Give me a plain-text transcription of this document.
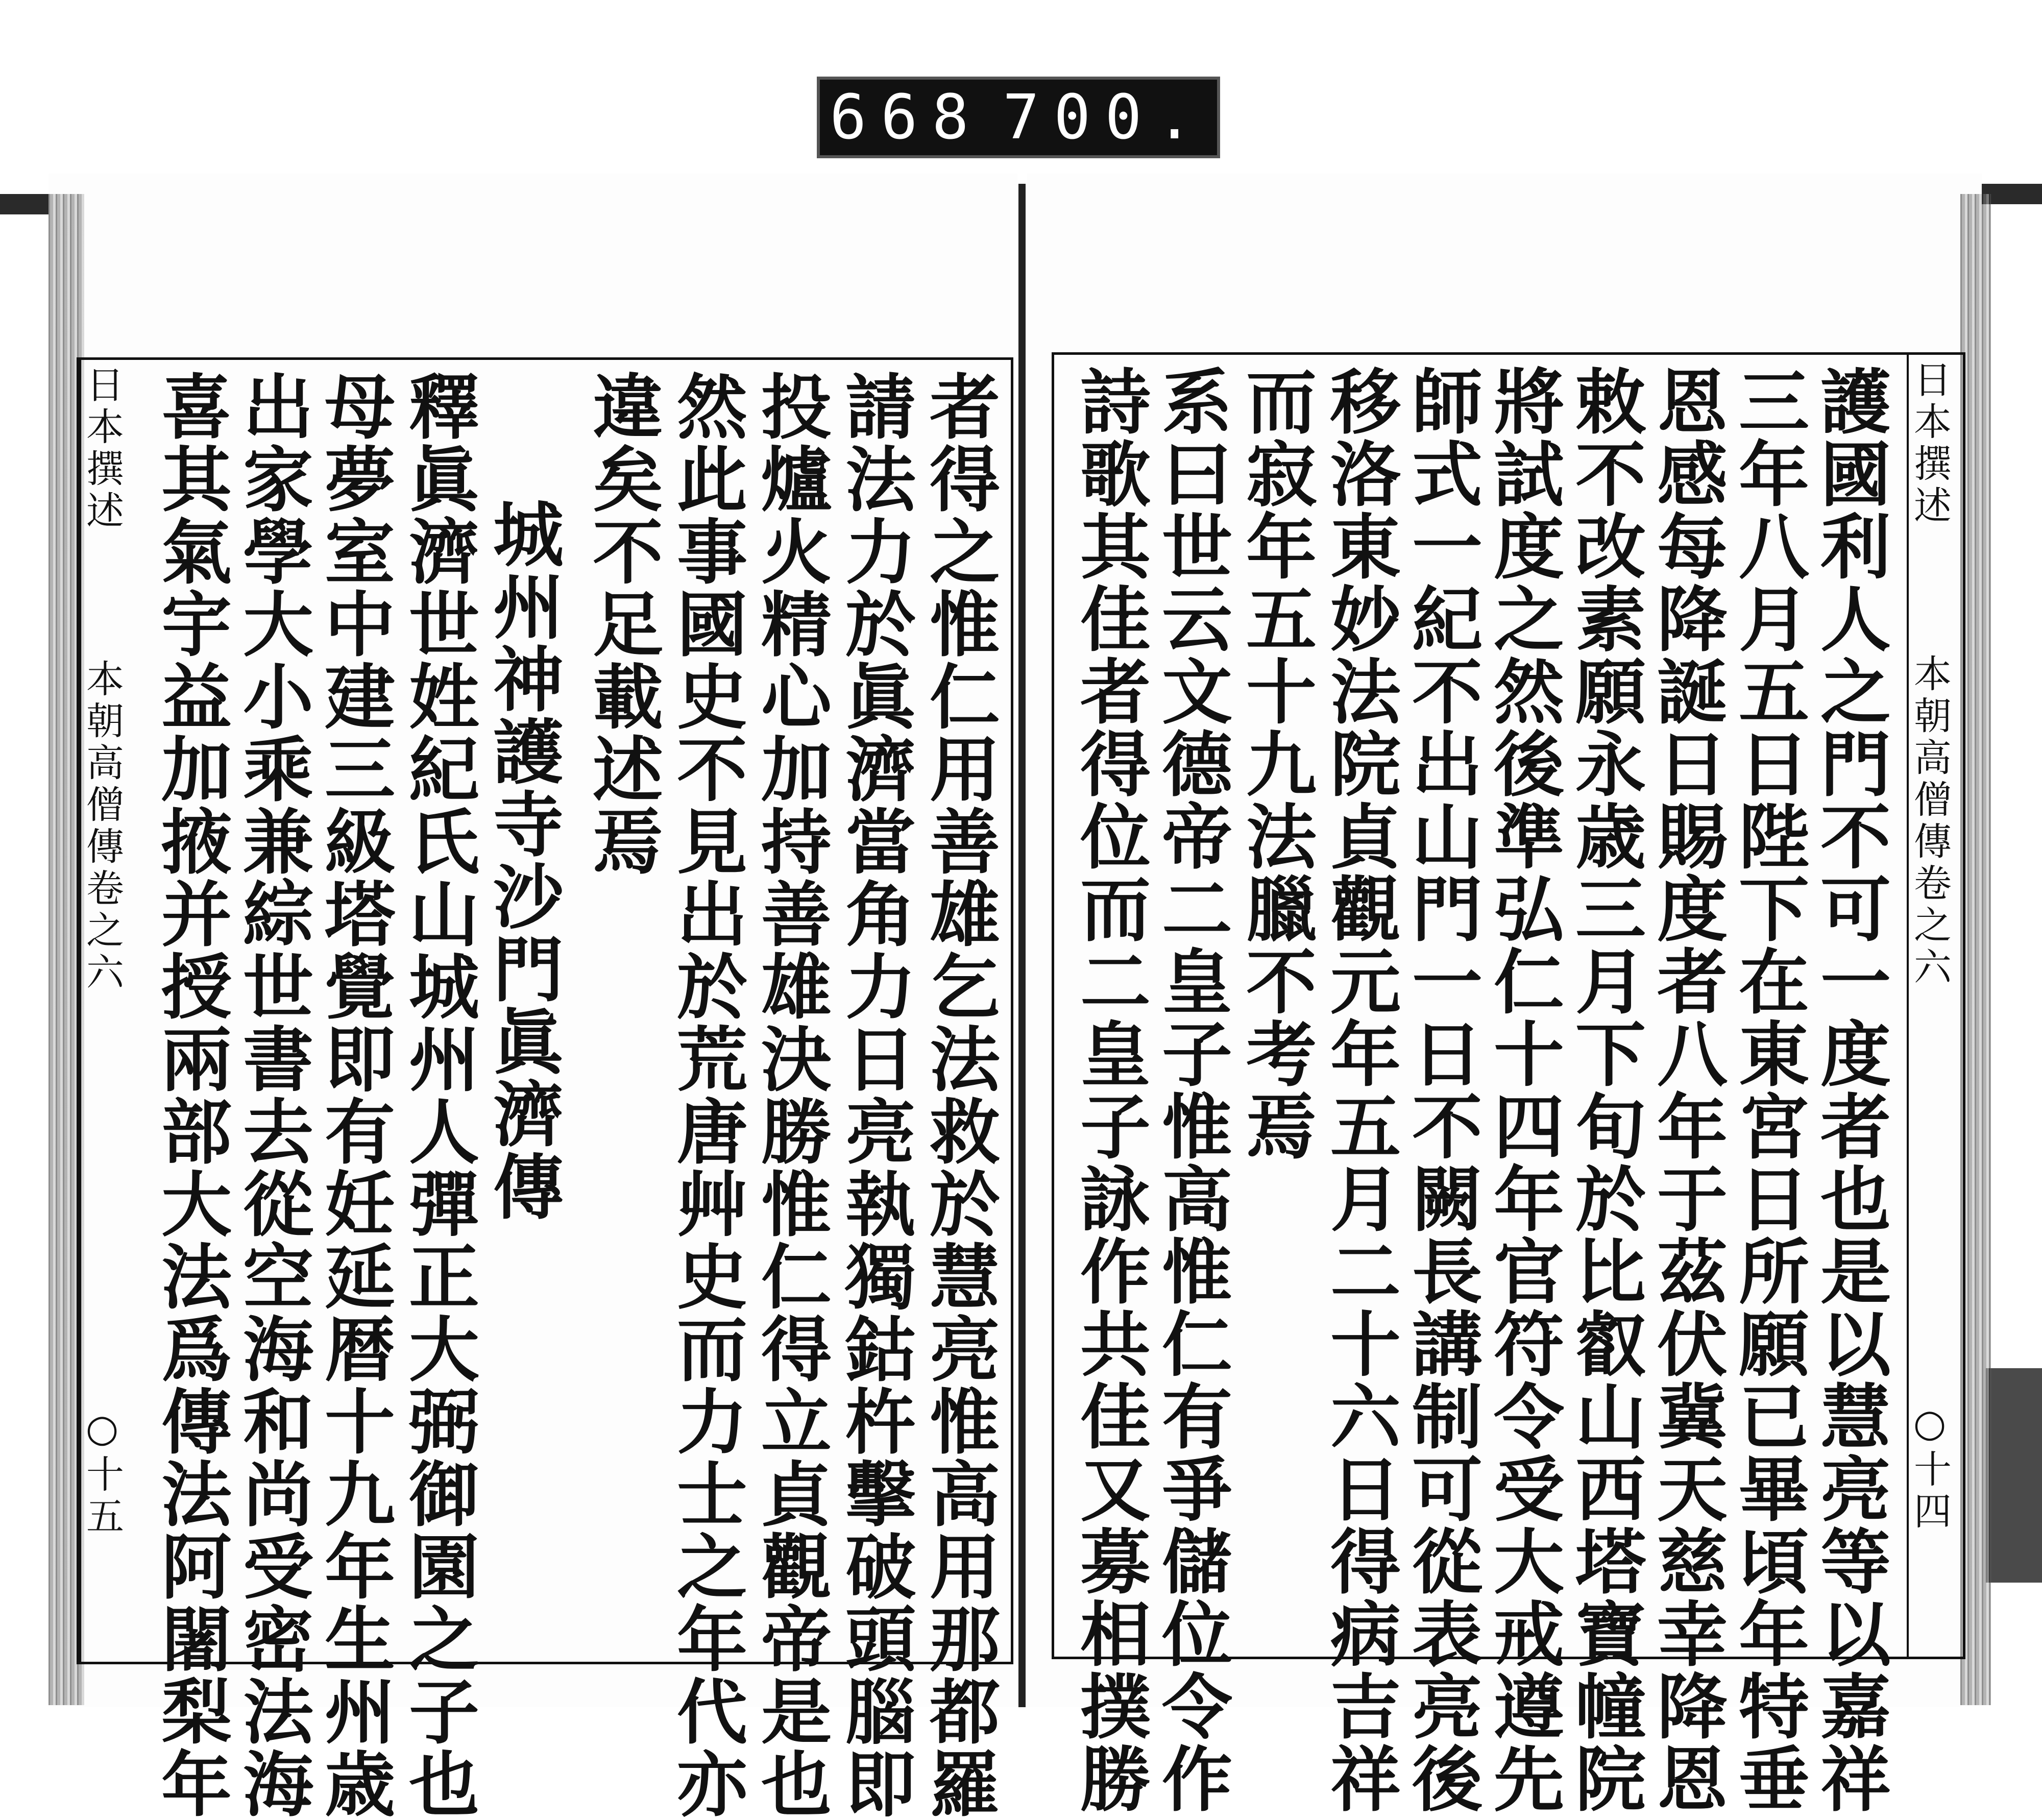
668 700.
日本撰述  本朝高僧傳卷之六  ○十五 喜其氣宇益加掖并授兩部大法爲傳法阿闍梨年
出家學大小乘兼綜世書去從空海和尚受密法海
母夢室中建三級塔覺即有妊延暦十九年生州歳 釋眞濟世姓紀氏山城州人彈正大弼御園之子也 城州神護寺沙門眞濟傳 違矣不足載述焉 然此事國史不見出於荒唐艸史而力士之年代亦 投爐火精心加持善雄決勝惟仁得立貞觀帝是也 請法力於眞濟當角力日亮執獨鈷杵擊破頭腦即 者得之惟仁用善雄乞法救於慧亮惟高用那都羅 詩歌其佳者得位而二皇子詠作共佳又募相撲勝
系曰世云文德帝二皇子惟高惟仁有爭儲位令作 而寂年五十九法臘不考焉 移洛東妙法院貞觀元年五月二十六日得病吉祥
師式一紀不出山門一日不闕長講制可從表亮後
將試度之然後準弘仁十四年官符令受大戒遵先
敕不改素願永歳三月下旬於比叡山西塔寶幢院
恩感每降誕日賜度者八年于茲伏冀天慈幸降恩
三年八月五日陛下在東宮日所願已畢頃年特垂
護國利人之門不可一度者也是以慧亮等以嘉祥 日本撰述  本朝高僧傳卷之六  ○十四
